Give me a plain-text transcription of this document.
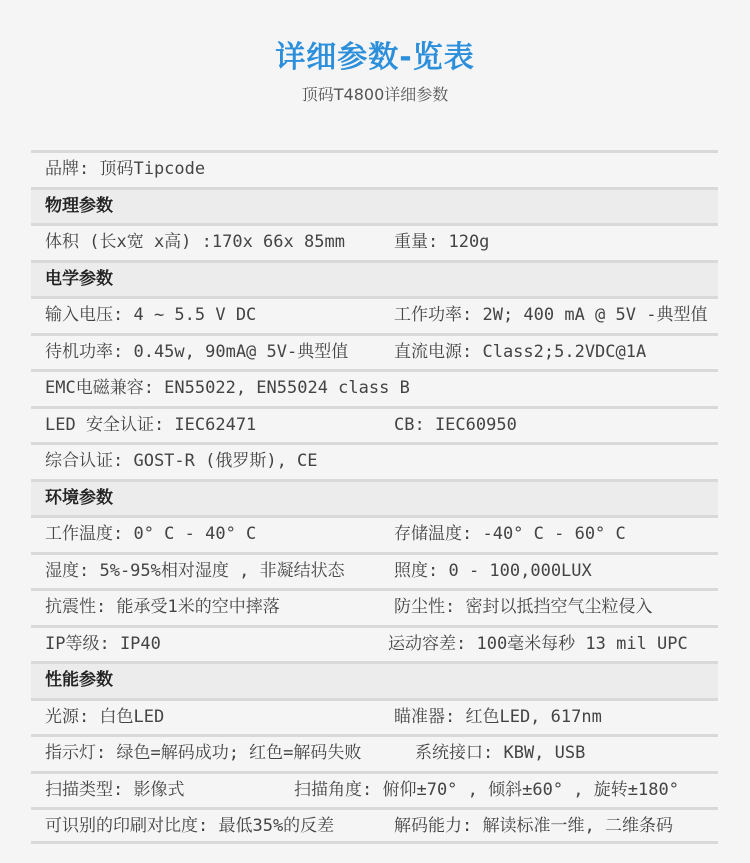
详细参数-览表
顶码T4800详细参数
品牌: 顶码Tipcode
物理参数
体积 (长x宽 x高) :170x 66x 85mm	重量: 120g
电学参数
输入电压: 4 ~ 5.5 V DC	工作功率: 2W; 400 mA @ 5V -典型值
待机功率: 0.45w, 90mA@ 5V-典型值	直流电源: Class2;5.2VDC@1A
EMC电磁兼容: EN55022, EN55024 class B
LED 安全认证: IEC62471	CB: IEC60950
综合认证: GOST-R (俄罗斯), CE
环境参数
工作温度: 0° C - 40° C	存储温度: -40° C - 60° C
湿度: 5%-95%相对湿度 , 非凝结状态	照度: 0 - 100,000LUX
抗震性: 能承受1米的空中摔落	防尘性: 密封以抵挡空气尘粒侵入
IP等级: IP40	运动容差: 100毫米每秒 13 mil UPC
性能参数
光源: 白色LED	瞄准器: 红色LED, 617nm
指示灯: 绿色=解码成功; 红色=解码失败	系统接口: KBW, USB
扫描类型: 影像式	扫描角度: 俯仰±70° , 倾斜±60° , 旋转±180°
可识别的印刷对比度: 最低35%的反差	解码能力: 解读标准一维, 二维条码
